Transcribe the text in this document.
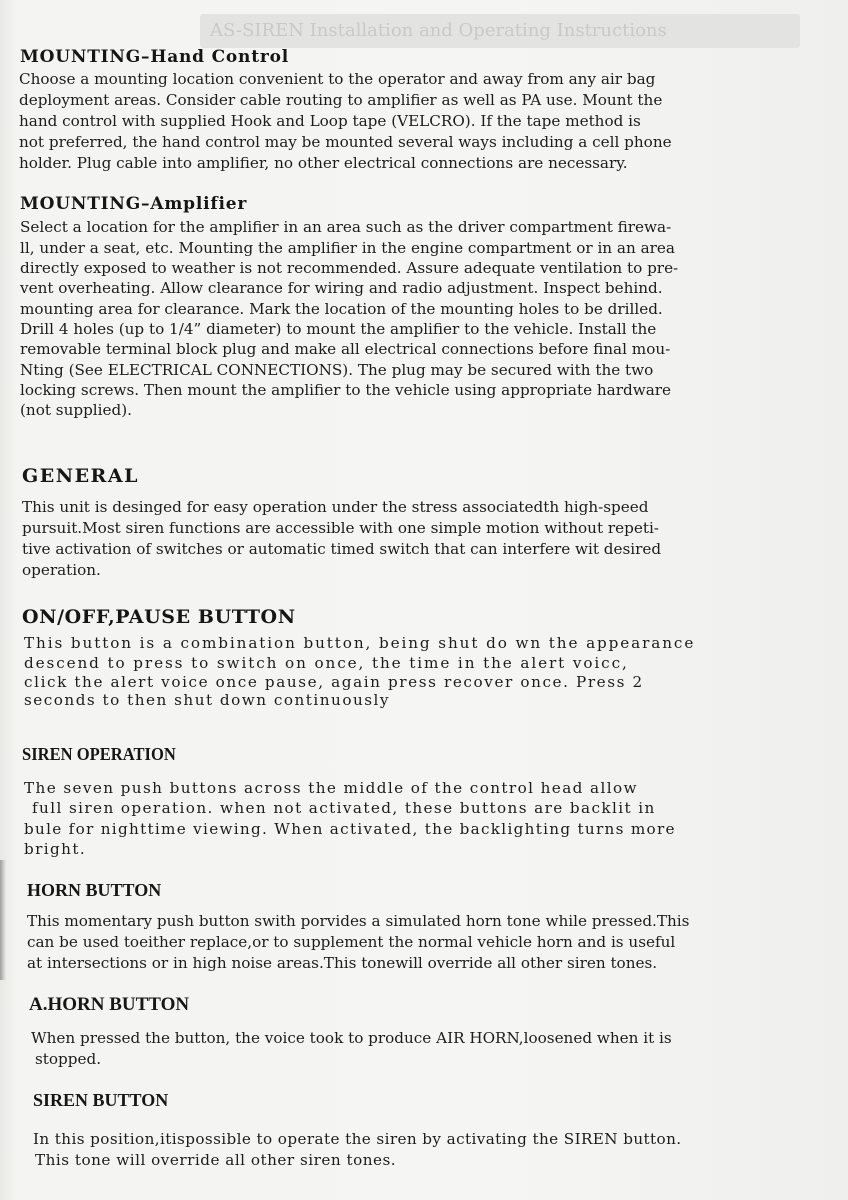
AS-SIREN Installation and Operating Instructions
MOUNTING–Hand Control
Choose a mounting location convenient to the operator and away from any air bag
deployment areas. Consider cable routing to amplifier as well as PA use. Mount the
hand control with supplied Hook and Loop tape (VELCRO). If the tape method is
not preferred, the hand control may be mounted several ways including a cell phone
holder. Plug cable into amplifier, no other electrical connections are necessary.
MOUNTING–Amplifier
Select a location for the amplifier in an area such as the driver compartment firewa-
ll, under a seat, etc. Mounting the amplifier in the engine compartment or in an area
directly exposed to weather is not recommended. Assure adequate ventilation to pre-
vent overheating. Allow clearance for wiring and radio adjustment. Inspect behind.
mounting area for clearance. Mark the location of the mounting holes to be drilled.
Drill 4 holes (up to 1/4” diameter) to mount the amplifier to the vehicle. Install the
removable terminal block plug and make all electrical connections before final mou-
Nting (See ELECTRICAL CONNECTIONS). The plug may be secured with the two
locking screws. Then mount the amplifier to the vehicle using appropriate hardware
(not supplied).
GENERAL
This unit is desinged for easy operation under the stress associatedth high-speed
pursuit.Most siren functions are accessible with one simple motion without repeti-
tive activation of switches or automatic timed switch that can interfere wit desired
operation.
ON/OFF,PAUSE BUTTON
This button is a combination button, being shut do wn the appearance
descend to press to switch on once, the time in the alert voicc,
click the alert voice once pause, again press recover once. Press 2
seconds to then shut down continuously
SIREN OPERATION
The seven push buttons across the middle of the control head allow
full siren operation. when not activated, these buttons are backlit in
bule for nighttime viewing. When activated, the backlighting turns more
bright.
HORN BUTTON
This momentary push button swith porvides a simulated horn tone while pressed.This
can be used toeither replace,or to supplement the normal vehicle horn and is useful
at intersections or in high noise areas.This tonewill override all other siren tones.
A.HORN BUTTON
When pressed the button, the voice took to produce AIR HORN,loosened when it is
stopped.
SIREN BUTTON
In this position,itispossible to operate the siren by activating the SIREN button.
This tone will override all other siren tones.
